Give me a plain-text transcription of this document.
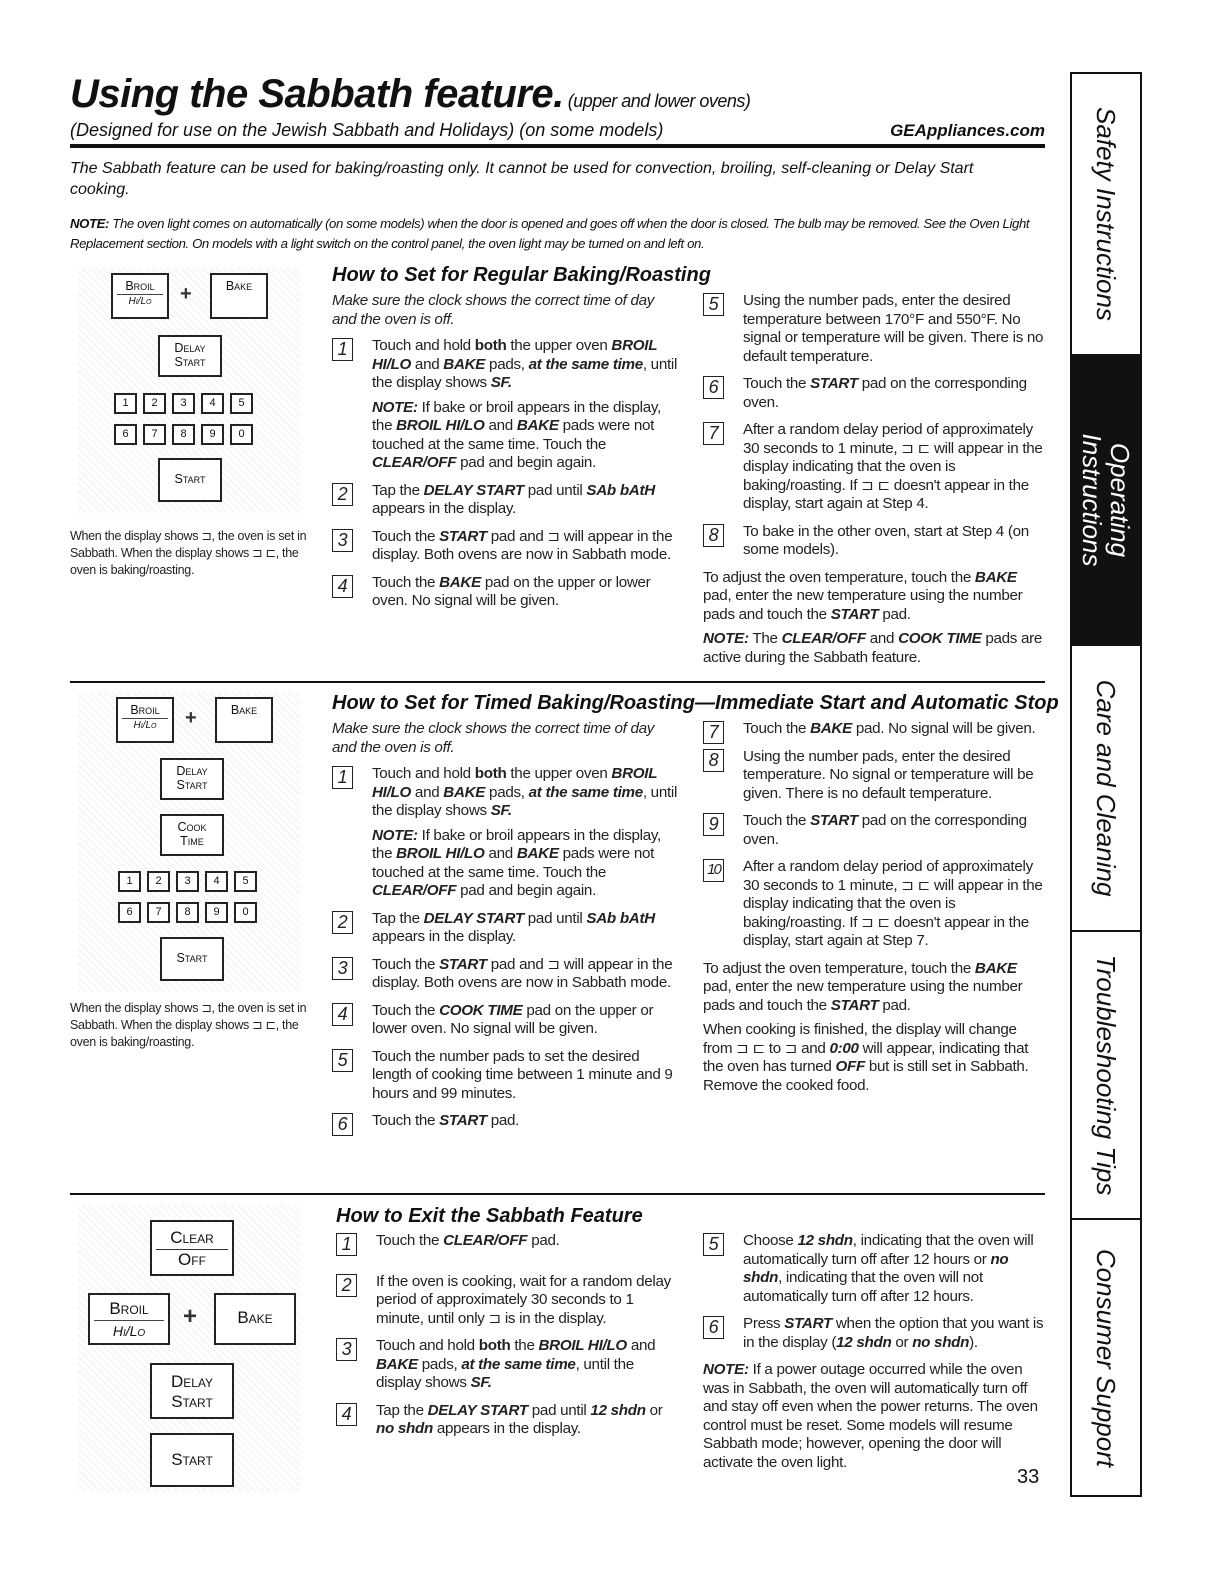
Using the Sabbath feature. (upper and lower ovens)
(Designed for use on the Jewish Sabbath and Holidays) (on some models)	GEAppliances.com
The Sabbath feature can be used for baking/roasting only. It cannot be used for convection, broiling, self-cleaning or Delay Start cooking.
NOTE: The oven light comes on automatically (on some models) when the door is opened and goes off when the door is closed. The bulb may be removed. See the Oven Light Replacement section. On models with a light switch on the control panel, the oven light may be turned on and left on.
Broil
Hi/Lo	+	Bake
Delay
Start
1	2	3	4	5
6	7	8	9	0
Start
When the display shows ⊐, the oven is set in Sabbath. When the display shows ⊐ ⊏, the oven is baking/roasting.
How to Set for Regular Baking/Roasting
Make sure the clock shows the correct time of day and the oven is off.
1	Touch and hold both the upper oven BROIL HI/LO and BAKE pads, at the same time, until the display shows SF.
NOTE: If bake or broil appears in the display, the BROIL HI/LO and BAKE pads were not touched at the same time. Touch the CLEAR/OFF pad and begin again.
2	Tap the DELAY START pad until SAb bAtH appears in the display.
3	Touch the START pad and ⊐ will appear in the display. Both ovens are now in Sabbath mode.
4	Touch the BAKE pad on the upper or lower oven. No signal will be given.
5	Using the number pads, enter the desired temperature between 170°F and 550°F. No signal or temperature will be given. There is no default temperature.
6	Touch the START pad on the corresponding oven.
7	After a random delay period of approximately 30 seconds to 1 minute, ⊐ ⊏ will appear in the display indicating that the oven is baking/roasting. If ⊐ ⊏ doesn't appear in the display, start again at Step 4.
8	To bake in the other oven, start at Step 4 (on some models).
To adjust the oven temperature, touch the BAKE pad, enter the new temperature using the number pads and touch the START pad.
NOTE: The CLEAR/OFF and COOK TIME pads are active during the Sabbath feature.
Broil
Hi/Lo	+	Bake
Delay
Start
Cook
Time
1	2	3	4	5
6	7	8	9	0
Start
When the display shows ⊐, the oven is set in Sabbath. When the display shows ⊐ ⊏, the oven is baking/roasting.
How to Set for Timed Baking/Roasting—Immediate Start and Automatic Stop
Make sure the clock shows the correct time of day and the oven is off.
1	Touch and hold both the upper oven BROIL HI/LO and BAKE pads, at the same time, until the display shows SF.
NOTE: If bake or broil appears in the display, the BROIL HI/LO and BAKE pads were not touched at the same time. Touch the CLEAR/OFF pad and begin again.
2	Tap the DELAY START pad until SAb bAtH appears in the display.
3	Touch the START pad and ⊐ will appear in the display. Both ovens are now in Sabbath mode.
4	Touch the COOK TIME pad on the upper or lower oven. No signal will be given.
5	Touch the number pads to set the desired length of cooking time between 1 minute and 9 hours and 99 minutes.
6	Touch the START pad.
7	Touch the BAKE pad. No signal will be given.
8	Using the number pads, enter the desired temperature. No signal or temperature will be given. There is no default temperature.
9	Touch the START pad on the corresponding oven.
10 After a random delay period of approximately 30 seconds to 1 minute, ⊐ ⊏ will appear in the display indicating that the oven is baking/roasting. If ⊐ ⊏ doesn't appear in the display, start again at Step 7.
To adjust the oven temperature, touch the BAKE pad, enter the new temperature using the number pads and touch the START pad.
When cooking is finished, the display will change from ⊐ ⊏ to ⊐ and 0:00 will appear, indicating that the oven has turned OFF but is still set in Sabbath. Remove the cooked food.
Clear
Off
Broil
Hi/Lo
+	Bake
Delay
Start
Start
How to Exit the Sabbath Feature
1	Touch the CLEAR/OFF pad.
2	If the oven is cooking, wait for a random delay period of approximately 30 seconds to 1 minute, until only ⊐ is in the display.
3	Touch and hold both the BROIL HI/LO and BAKE pads, at the same time, until the display shows SF.
4	Tap the DELAY START pad until 12 shdn or no shdn appears in the display.
5	Choose 12 shdn, indicating that the oven will automatically turn off after 12 hours or no shdn, indicating that the oven will not automatically turn off after 12 hours.
6	Press START when the option that you want is in the display (12 shdn or no shdn).
NOTE: If a power outage occurred while the oven was in Sabbath, the oven will automatically turn off and stay off even when the power returns. The oven control must be reset. Some models will resume Sabbath mode; however, opening the door will activate the oven light.
33
Safety Instructions
Operating Instructions
Care and Cleaning
Troubleshooting Tips
Consumer Support
